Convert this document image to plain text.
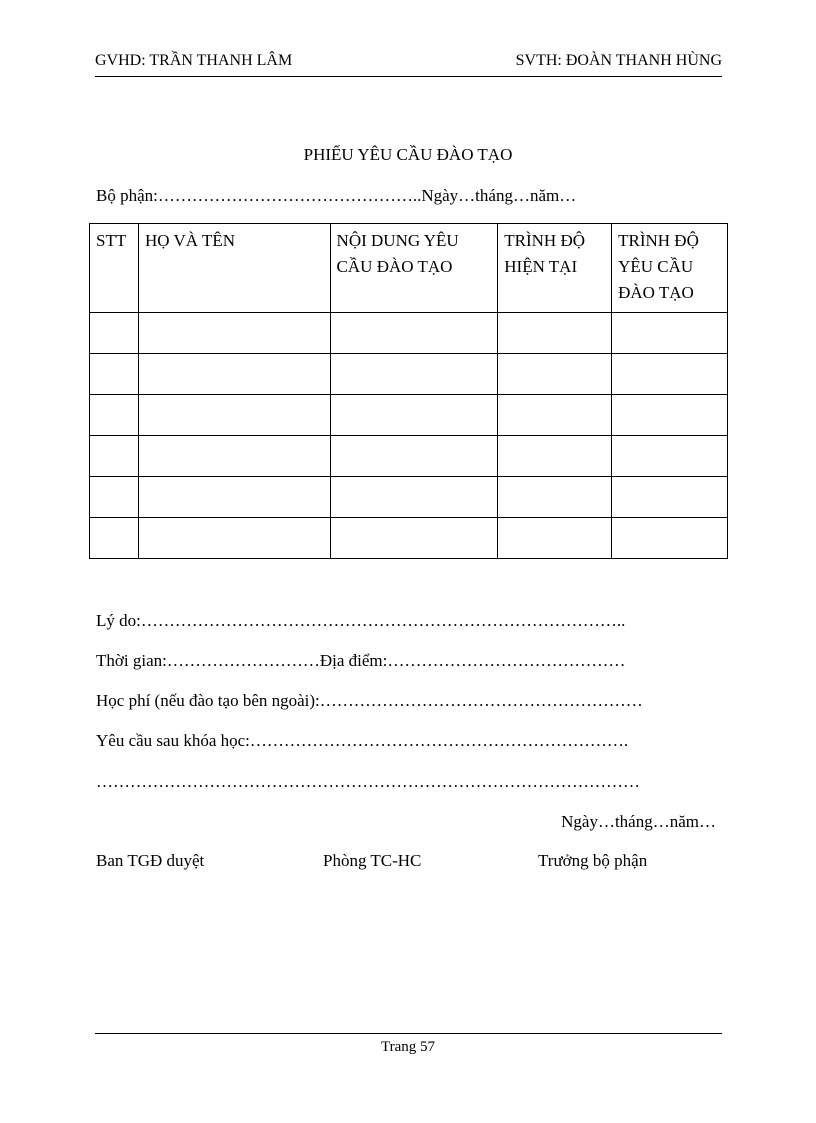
GVHD: TRẦN THANH LÂM	SVTH: ĐOÀN THANH HÙNG
PHIẾU YÊU CẦU ĐÀO TẠO
Bộ phận:………………………………………..Ngày…tháng…năm…
STT	HỌ VÀ TÊN	NỘI DUNG YÊU CẦU ĐÀO TẠO	TRÌNH ĐỘ HIỆN TẠI	TRÌNH ĐỘ YÊU CẦU ĐÀO TẠO

Lý do:…………………………………………………………………………..
Thời gian:………………………Địa điểm:……………………………………
Học phí (nếu đào tạo bên ngoài):…………………………………………………
Yêu cầu sau khóa học:………………………………………………………….
……………………………………………………………………………………
Ngày…tháng…năm…
Ban TGĐ duyệt	Phòng TC-HC	Trưởng bộ phận
Trang 57
